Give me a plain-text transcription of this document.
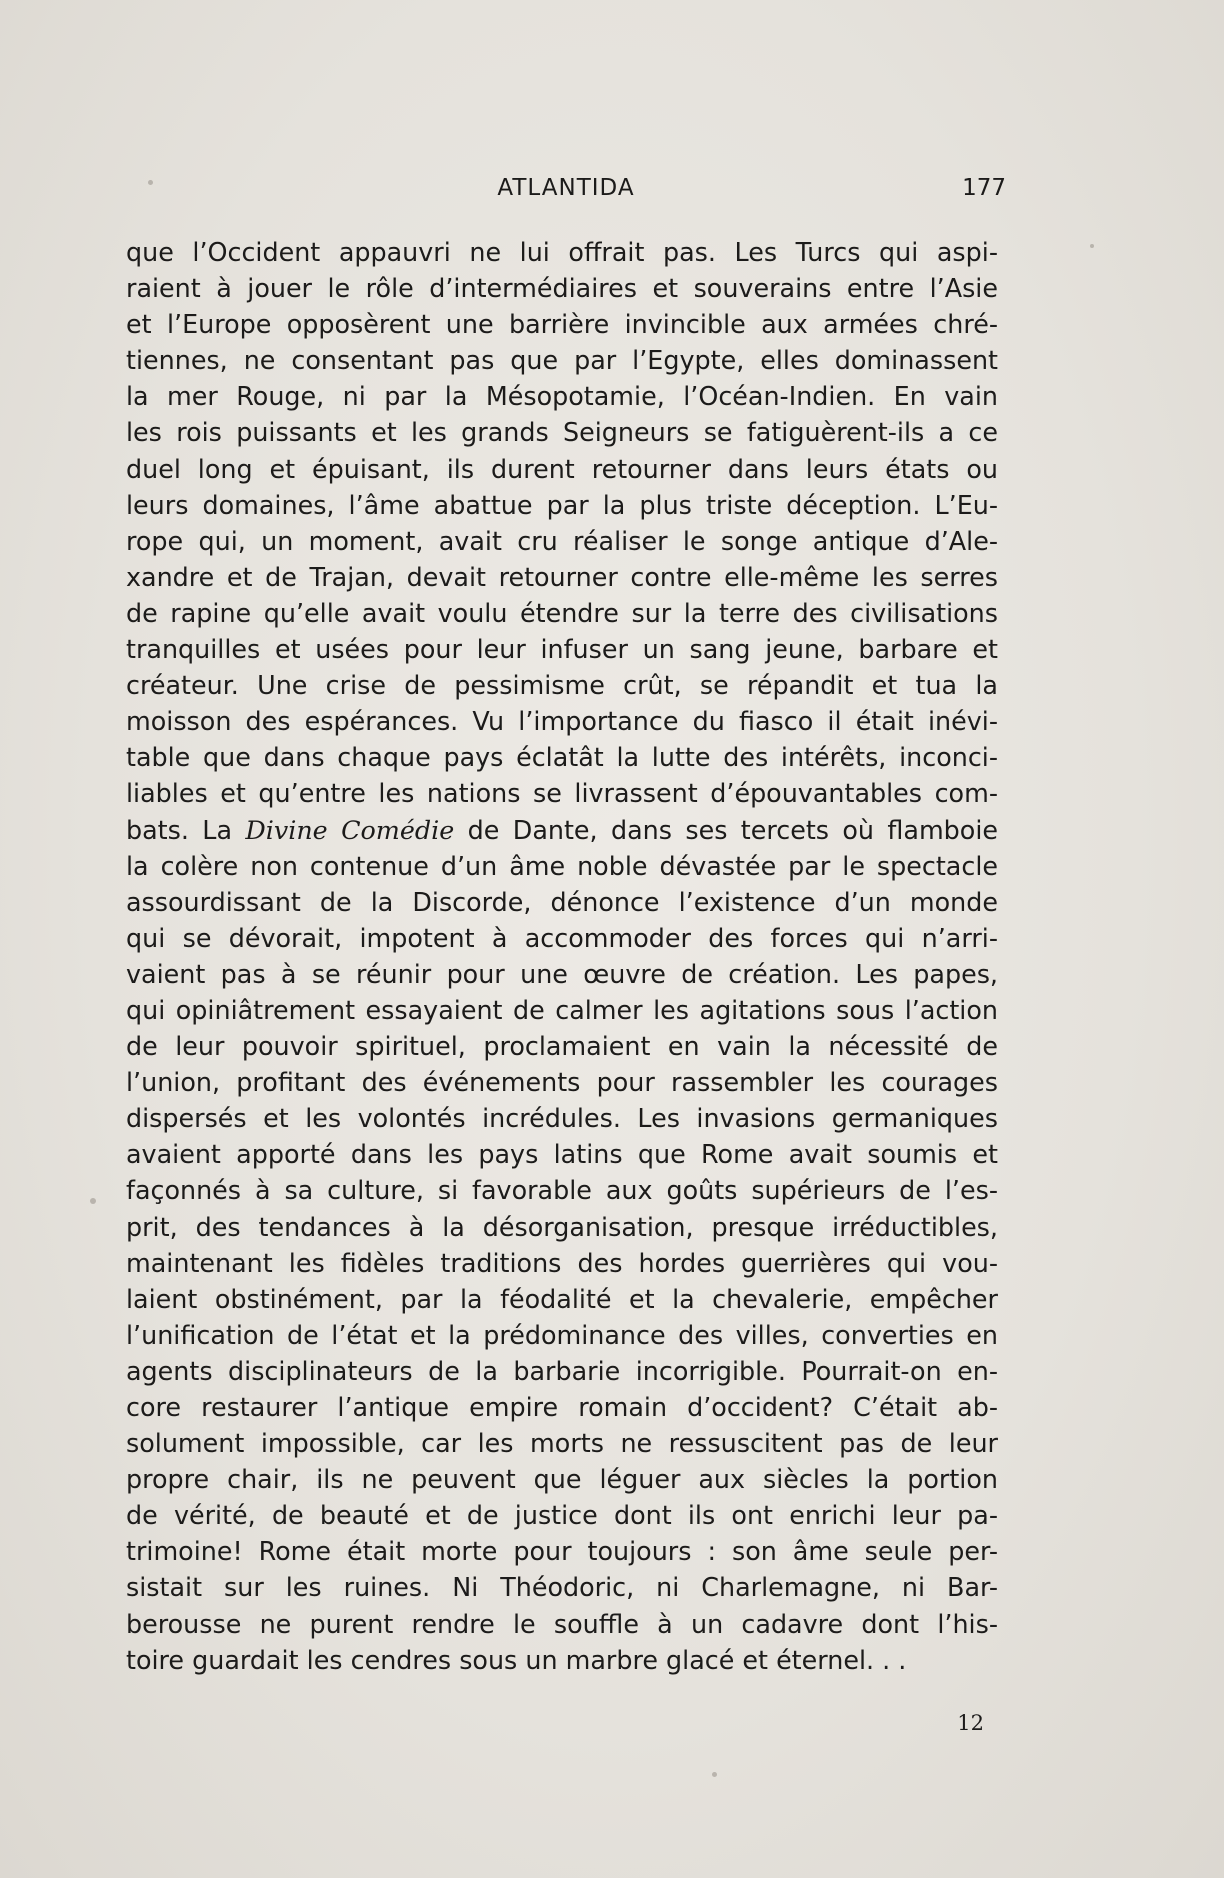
ATLANTIDA	177
que l’Occident appauvri ne lui offrait pas. Les Turcs qui aspi-
raient à jouer le rôle d’intermédiaires et souverains entre l’Asie
et l’Europe opposèrent une barrière invincible aux armées chré-
tiennes, ne consentant pas que par l’Egypte, elles dominassent
la mer Rouge, ni par la Mésopotamie, l’Océan-Indien. En vain
les rois puissants et les grands Seigneurs se fatiguèrent-ils a ce
duel long et épuisant, ils durent retourner dans leurs états ou
leurs domaines, l’âme abattue par la plus triste déception. L’Eu-
rope qui, un moment, avait cru réaliser le songe antique d’Ale-
xandre et de Trajan, devait retourner contre elle-même les serres
de rapine qu’elle avait voulu étendre sur la terre des civilisations
tranquilles et usées pour leur infuser un sang jeune, barbare et
créateur. Une crise de pessimisme crût, se répandit et tua la
moisson des espérances. Vu l’importance du fiasco il était inévi-
table que dans chaque pays éclatât la lutte des intérêts, inconci-
liables et qu’entre les nations se livrassent d’épouvantables com-
bats. La Divine Comédie de Dante, dans ses tercets où flamboie
la colère non contenue d’un âme noble dévastée par le spectacle
assourdissant de la Discorde, dénonce l’existence d’un monde
qui se dévorait, impotent à accommoder des forces qui n’arri-
vaient pas à se réunir pour une œuvre de création. Les papes,
qui opiniâtrement essayaient de calmer les agitations sous l’action
de leur pouvoir spirituel, proclamaient en vain la nécessité de
l’union, profitant des événements pour rassembler les courages
dispersés et les volontés incrédules. Les invasions germaniques
avaient apporté dans les pays latins que Rome avait soumis et
façonnés à sa culture, si favorable aux goûts supérieurs de l’es-
prit, des tendances à la désorganisation, presque irréductibles,
maintenant les fidèles traditions des hordes guerrières qui vou-
laient obstinément, par la féodalité et la chevalerie, empêcher
l’unification de l’état et la prédominance des villes, converties en
agents disciplinateurs de la barbarie incorrigible. Pourrait-on en-
core restaurer l’antique empire romain d’occident? C’était ab-
solument impossible, car les morts ne ressuscitent pas de leur
propre chair, ils ne peuvent que léguer aux siècles la portion
de vérité, de beauté et de justice dont ils ont enrichi leur pa-
trimoine! Rome était morte pour toujours : son âme seule per-
sistait sur les ruines. Ni Théodoric, ni Charlemagne, ni Bar-
berousse ne purent rendre le souffle à un cadavre dont l’his-
toire guardait les cendres sous un marbre glacé et éternel. . .
12
